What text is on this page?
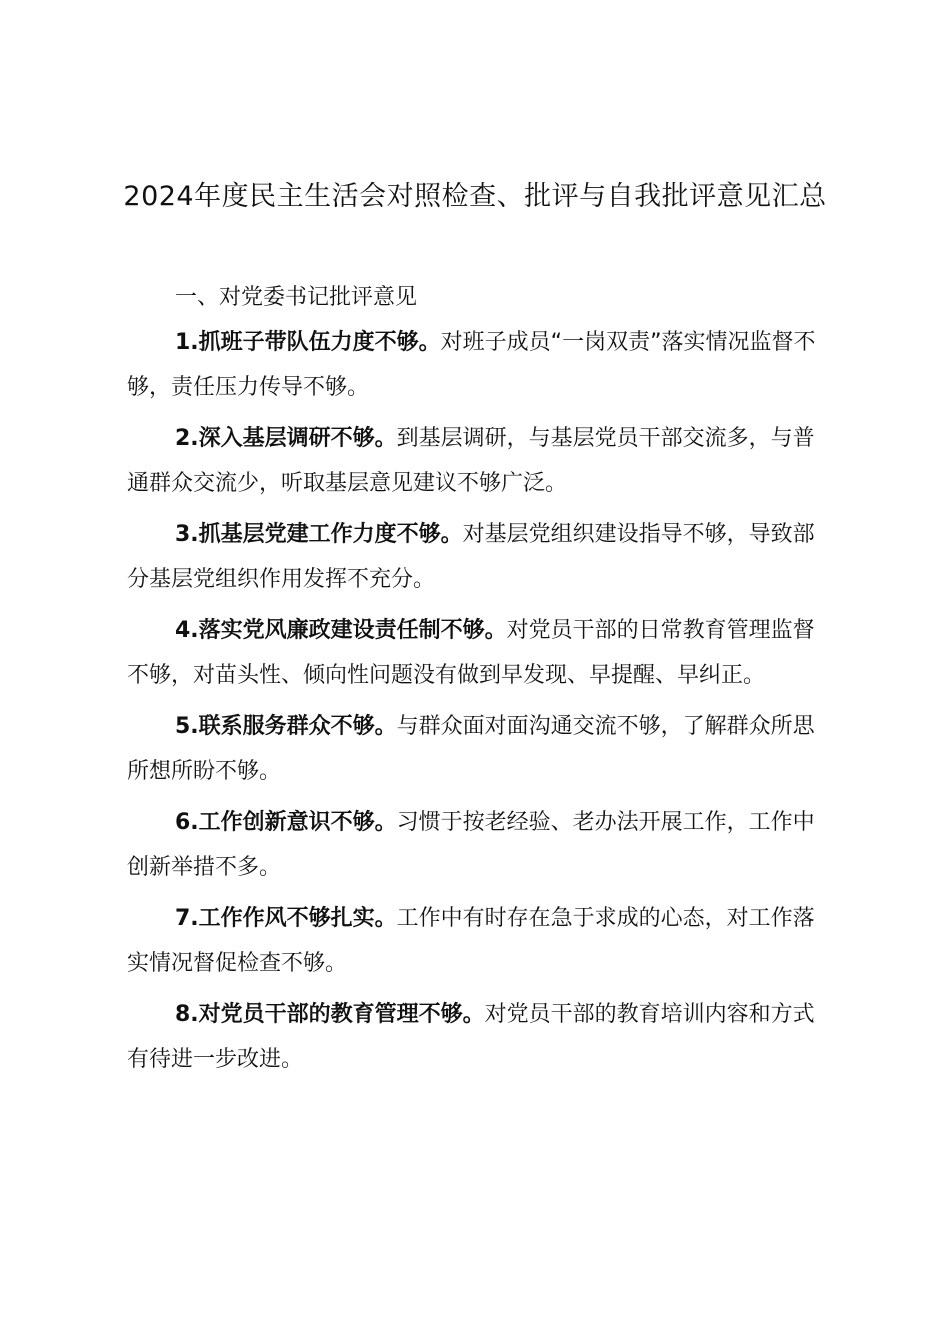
2024年度民主生活会对照检查、批评与自我批评意见汇总

一、对党委书记批评意见

1.抓班子带队伍力度不够。对班子成员“一岗双责”落实情况监督不够，责任压力传导不够。
2.深入基层调研不够。到基层调研，与基层党员干部交流多，与普通群众交流少，听取基层意见建议不够广泛。
3.抓基层党建工作力度不够。对基层党组织建设指导不够，导致部分基层党组织作用发挥不充分。
4.落实党风廉政建设责任制不够。对党员干部的日常教育管理监督不够，对苗头性、倾向性问题没有做到早发现、早提醒、早纠正。
5.联系服务群众不够。与群众面对面沟通交流不够，了解群众所思所想所盼不够。
6.工作创新意识不够。习惯于按老经验、老办法开展工作，工作中创新举措不多。
7.工作作风不够扎实。工作中有时存在急于求成的心态，对工作落实情况督促检查不够。
8.对党员干部的教育管理不够。对党员干部的教育培训内容和方式有待进一步改进。
